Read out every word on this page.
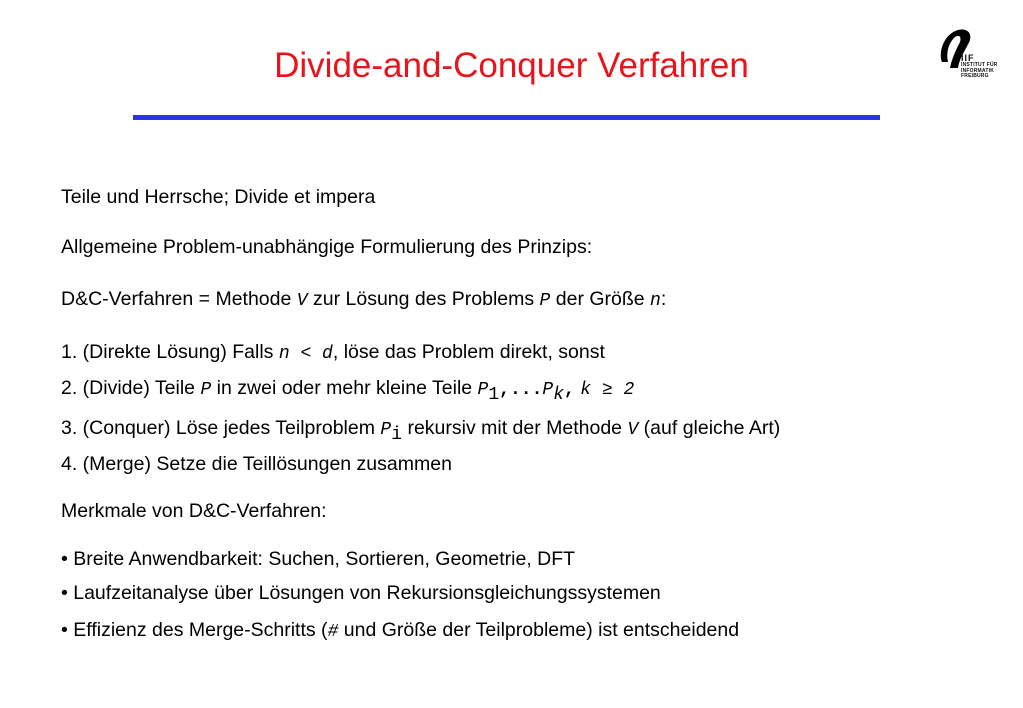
Divide-and-Conquer Verfahren	IIF
INSTITUT FÜR
INFORMATIK
FREIBURG
Teile und Herrsche; Divide et impera
Allgemeine Problem-unabhängige Formulierung des Prinzips:
D&C-Verfahren = Methode V zur Lösung des Problems P der Größe n:
1. (Direkte Lösung) Falls n < d, löse das Problem direkt, sonst
2. (Divide) Teile P in zwei oder mehr kleine Teile $P_1,...P_k$, k ≥ 2
3. (Conquer) Löse jedes Teilproblem $P_i$ rekursiv mit der Methode V (auf gleiche Art)
4. (Merge) Setze die Teillösungen zusammen
Merkmale von D&C-Verfahren:
• Breite Anwendbarkeit: Suchen, Sortieren, Geometrie, DFT
• Laufzeitanalyse über Lösungen von Rekursionsgleichungssystemen
• Effizienz des Merge-Schritts (# und Größe der Teilprobleme) ist entscheidend
